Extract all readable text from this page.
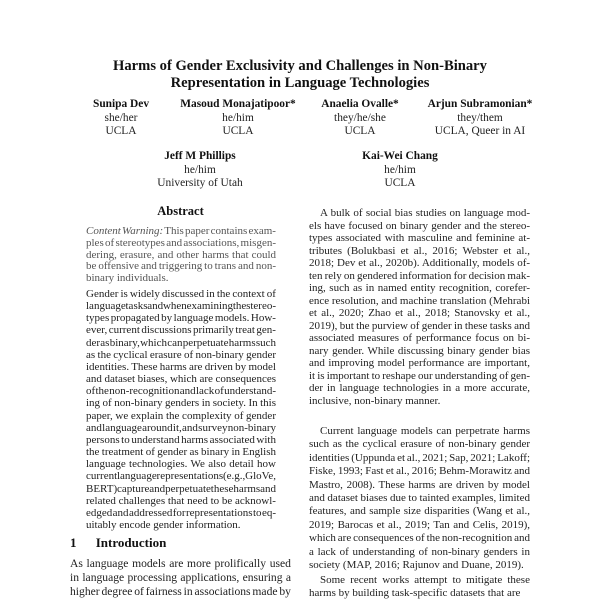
Harms of Gender Exclusivity and Challenges in Non-Binary
Representation in Language Technologies
Sunipa Dev
she/her
UCLA
Masoud Monajatipoor*
he/him
UCLA
Anaelia Ovalle*
they/he/she
UCLA
Arjun Subramonian*
they/them
UCLA, Queer in AI
Jeff M Phillips
he/him
University of Utah
Kai-Wei Chang
he/him
UCLA
Abstract
Content Warning: This paper contains exam-
ples of stereotypes and associations, misgen-
dering, erasure, and other harms that could
be offensive and triggering to trans and non-
binary individuals.
Gender is widely discussed in the context of
language tasks and when examining the stereo-
types propagated by language models. How-
ever, current discussions primarily treat gen-
der as binary, which can perpetuate harms such
as the cyclical erasure of non-binary gender
identities. These harms are driven by model
and dataset biases, which are consequences
of the non-recognition and lack of understand-
ing of non-binary genders in society. In this
paper, we explain the complexity of gender
and language around it, and survey non-binary
persons to understand harms associated with
the treatment of gender as binary in English
language technologies. We also detail how
current language representations (e.g., GloVe,
BERT) capture and perpetuate these harms and
related challenges that need to be acknowl-
edged and addressed for representations to eq-
uitably encode gender information.
1 Introduction
As language models are more prolifically used
in language processing applications, ensuring a
higher degree of fairness in associations made by
A bulk of social bias studies on language mod-
els have focused on binary gender and the stereo-
types associated with masculine and feminine at-
tributes (Bolukbasi et al., 2016; Webster et al.,
2018; Dev et al., 2020b). Additionally, models of-
ten rely on gendered information for decision mak-
ing, such as in named entity recognition, corefer-
ence resolution, and machine translation (Mehrabi
et al., 2020; Zhao et al., 2018; Stanovsky et al.,
2019), but the purview of gender in these tasks and
associated measures of performance focus on bi-
nary gender. While discussing binary gender bias
and improving model performance are important,
it is important to reshape our understanding of gen-
der in language technologies in a more accurate,
inclusive, non-binary manner.
Current language models can perpetrate harms
such as the cyclical erasure of non-binary gender
identities (Uppunda et al., 2021; Sap, 2021; Lakoff;
Fiske, 1993; Fast et al., 2016; Behm-Morawitz and
Mastro, 2008). These harms are driven by model
and dataset biases due to tainted examples, limited
features, and sample size disparities (Wang et al.,
2019; Barocas et al., 2019; Tan and Celis, 2019),
which are consequences of the non-recognition and
a lack of understanding of non-binary genders in
society (MAP, 2016; Rajunov and Duane, 2019).
Some recent works attempt to mitigate these
harms by building task-specific datasets that are
